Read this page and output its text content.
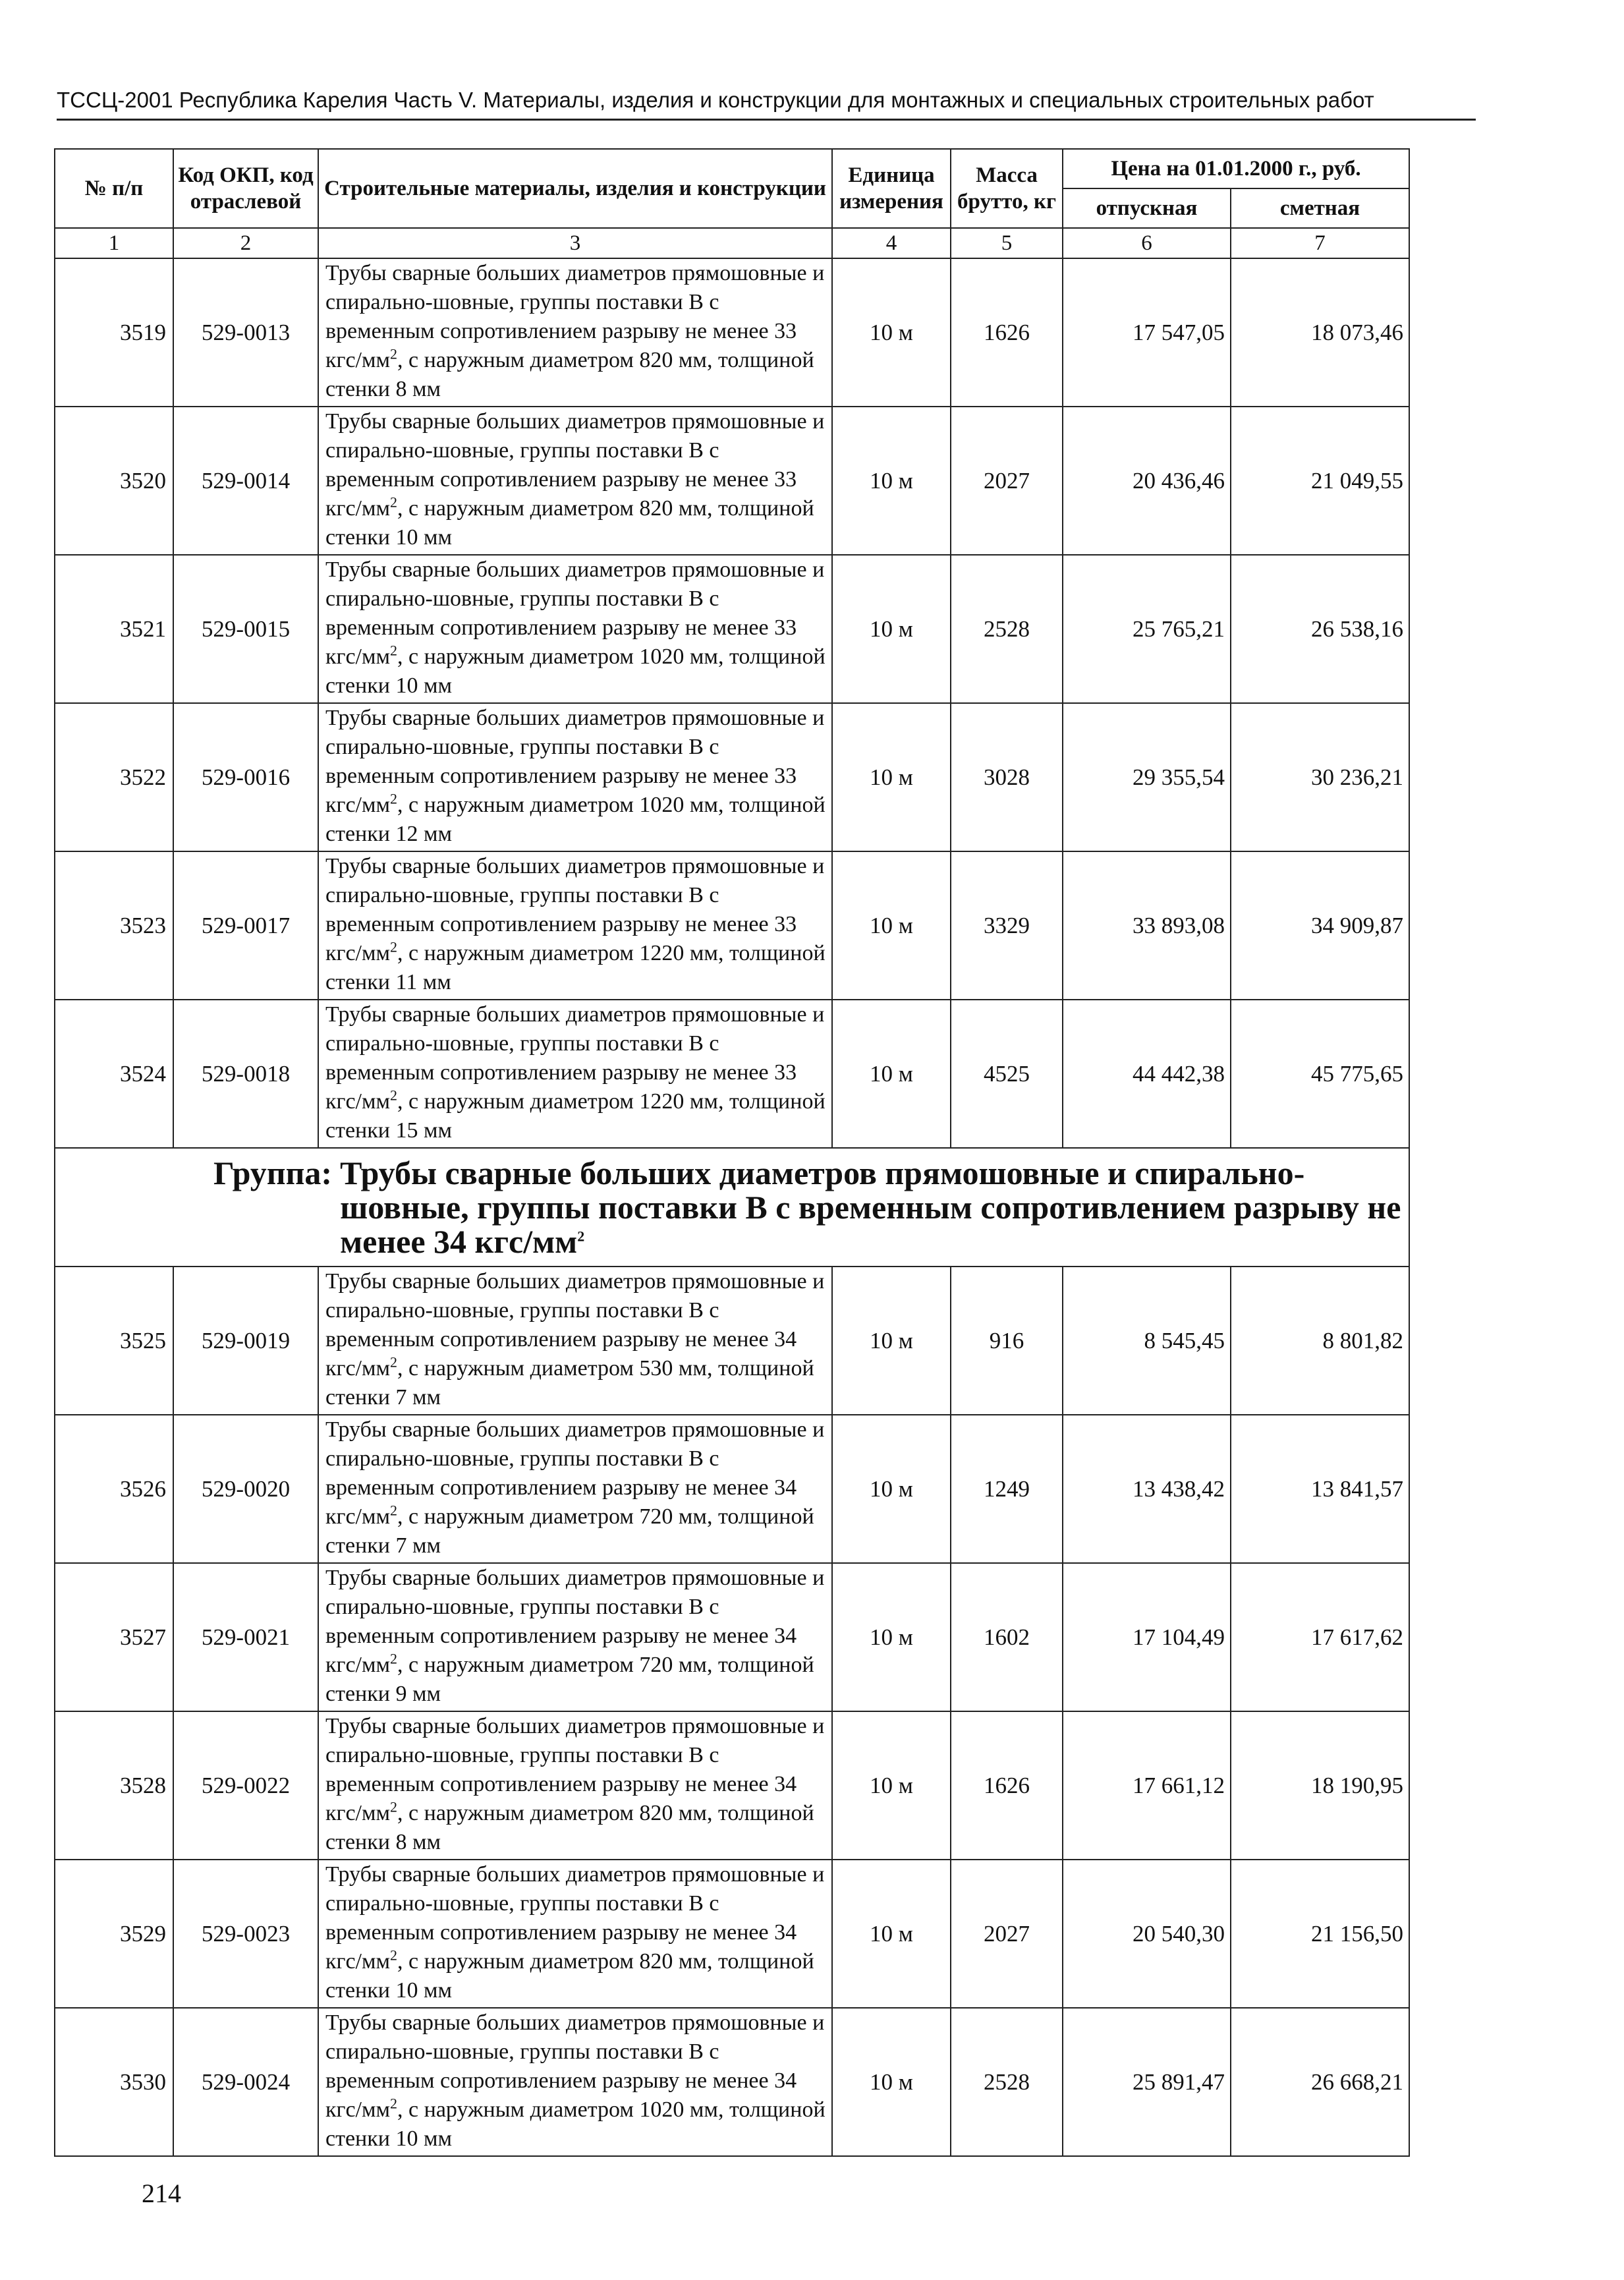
ТССЦ-2001 Республика Карелия Часть V. Материалы, изделия и конструкции для монтажных и специальных строительных работ
№ п/п	Код ОКП, код отраслевой	Строительные материалы, изделия и конструкции	Единица измерения	Масса брутто, кг	Цена на 01.01.2000 г., руб.	
					отпускная	сметная
1	2	3	4	5	6	7
3519	529-0013	Трубы сварные больших диаметров прямошовные и спирально-шовные, группы поставки В с временным сопротивлением разрыву не менее 33 кгс/$мм^2$, с наружным диаметром 820 мм, толщиной стенки 8 мм	10 м	1626	17 547,05	18 073,46
3520	529-0014	Трубы сварные больших диаметров прямошовные и спирально-шовные, группы поставки В с временным сопротивлением разрыву не менее 33 кгс/$мм^2$, с наружным диаметром 820 мм, толщиной стенки 10 мм	10 м	2027	20 436,46	21 049,55
3521	529-0015	Трубы сварные больших диаметров прямошовные и спирально-шовные, группы поставки В с временным сопротивлением разрыву не менее 33 кгс/$мм^2$, с наружным диаметром 1020 мм, толщиной стенки 10 мм	10 м	2528	25 765,21	26 538,16
3522	529-0016	Трубы сварные больших диаметров прямошовные и спирально-шовные, группы поставки В с временным сопротивлением разрыву не менее 33 кгс/$мм^2$, с наружным диаметром 1020 мм, толщиной стенки 12 мм	10 м	3028	29 355,54	30 236,21
3523	529-0017	Трубы сварные больших диаметров прямошовные и спирально-шовные, группы поставки В с временным сопротивлением разрыву не менее 33 кгс/$мм^2$, с наружным диаметром 1220 мм, толщиной стенки 11 мм	10 м	3329	33 893,08	34 909,87
3524	529-0018	Трубы сварные больших диаметров прямошовные и спирально-шовные, группы поставки В с временным сопротивлением разрыву не менее 33 кгс/$мм^2$, с наружным диаметром 1220 мм, толщиной стенки 15 мм	10 м	4525	44 442,38	45 775,65

Группа: Трубы сварные больших диаметров прямошовные и спирально-шовные, группы поставки В с временным сопротивлением разрыву не менее 34 кгс/$мм^2$

3525	529-0019	Трубы сварные больших диаметров прямошовные и спирально-шовные, группы поставки В с временным сопротивлением разрыву не менее 34 кгс/$мм^2$, с наружным диаметром 530 мм, толщиной стенки 7 мм	10 м	916	8 545,45	8 801,82
3526	529-0020	Трубы сварные больших диаметров прямошовные и спирально-шовные, группы поставки В с временным сопротивлением разрыву не менее 34 кгс/$мм^2$, с наружным диаметром 720 мм, толщиной стенки 7 мм	10 м	1249	13 438,42	13 841,57
3527	529-0021	Трубы сварные больших диаметров прямошовные и спирально-шовные, группы поставки В с временным сопротивлением разрыву не менее 34 кгс/$мм^2$, с наружным диаметром 720 мм, толщиной стенки 9 мм	10 м	1602	17 104,49	17 617,62
3528	529-0022	Трубы сварные больших диаметров прямошовные и спирально-шовные, группы поставки В с временным сопротивлением разрыву не менее 34 кгс/$мм^2$, с наружным диаметром 820 мм, толщиной стенки 8 мм	10 м	1626	17 661,12	18 190,95
3529	529-0023	Трубы сварные больших диаметров прямошовные и спирально-шовные, группы поставки В с временным сопротивлением разрыву не менее 34 кгс/$мм^2$, с наружным диаметром 820 мм, толщиной стенки 10 мм	10 м	2027	20 540,30	21 156,50
3530	529-0024	Трубы сварные больших диаметров прямошовные и спирально-шовные, группы поставки В с временным сопротивлением разрыву не менее 34 кгс/$мм^2$, с наружным диаметром 1020 мм, толщиной стенки 10 мм	10 м	2528	25 891,47	26 668,21
214
